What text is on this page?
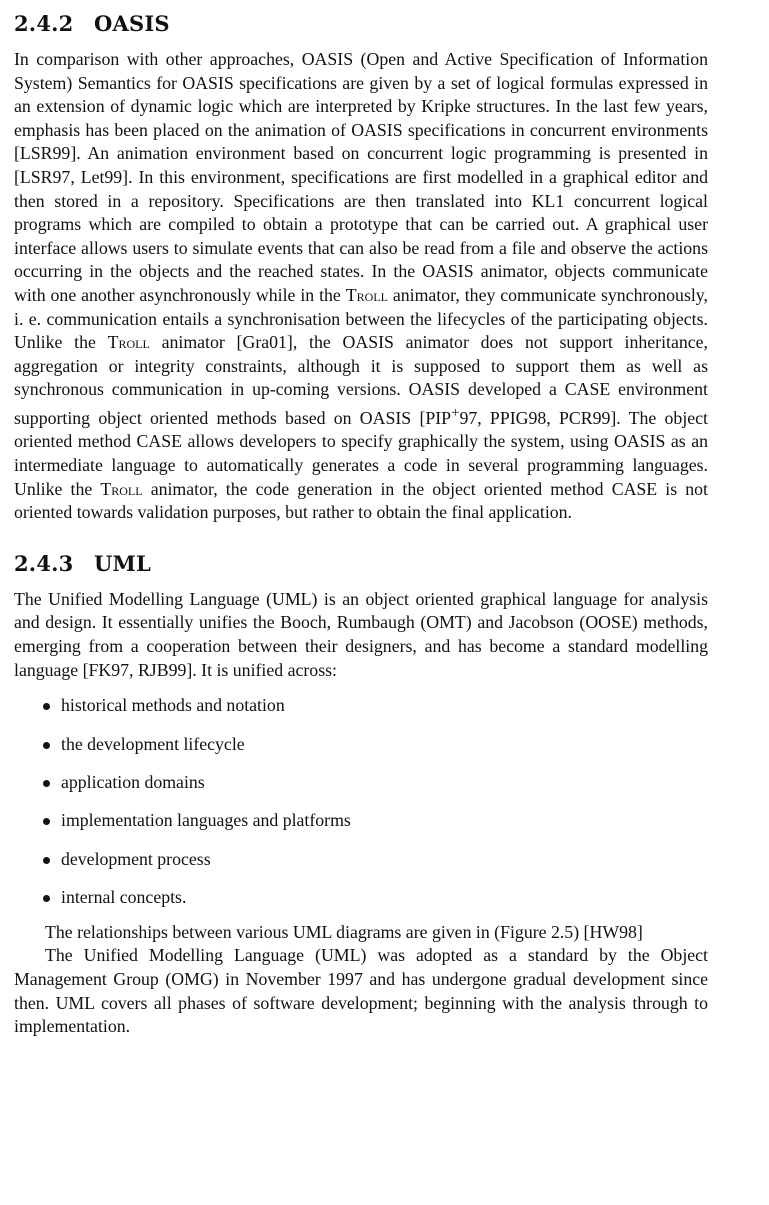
2.4.2 OASIS

In comparison with other approaches, OASIS (Open and Active Specification of Information System) Semantics for OASIS specifications are given by a set of logical formulas expressed in an extension of dynamic logic which are interpreted by Kripke structures. In the last few years, emphasis has been placed on the animation of OASIS specifications in concurrent environments [LSR99]. An animation environment based on concurrent logic programming is presented in [LSR97, Let99]. In this environment, specifications are first modelled in a graphical editor and then stored in a repository. Specifications are then translated into KL1 concurrent logical programs which are compiled to obtain a prototype that can be carried out. A graphical user interface allows users to simulate events that can also be read from a file and observe the actions occurring in the objects and the reached states. In the OASIS animator, objects communicate with one another asynchronously while in the Troll animator, they communicate synchronously, i. e. communication entails a synchronisation between the lifecycles of the participating objects. Unlike the Troll animator [Gra01], the OASIS animator does not support inheritance, aggregation or integrity constraints, although it is supposed to support them as well as synchronous communication in up-coming versions. OASIS developed a CASE environment supporting object oriented methods based on OASIS [PIP+97, PPIG98, PCR99]. The object oriented method CASE allows developers to specify graphically the system, using OASIS as an intermediate language to automatically generates a code in several programming languages. Unlike the Troll animator, the code generation in the object oriented method CASE is not oriented towards validation purposes, but rather to obtain the final application.

2.4.3 UML

The Unified Modelling Language (UML) is an object oriented graphical language for analysis and design. It essentially unifies the Booch, Rumbaugh (OMT) and Jacobson (OOSE) methods, emerging from a cooperation between their designers, and has become a standard modelling language [FK97, RJB99]. It is unified across:

historical methods and notation
the development lifecycle
application domains
implementation languages and platforms
development process
internal concepts.

The relationships between various UML diagrams are given in (Figure 2.5) [HW98]

The Unified Modelling Language (UML) was adopted as a standard by the Object Management Group (OMG) in November 1997 and has undergone gradual development since then. UML covers all phases of software development; beginning with the analysis through to implementation.
